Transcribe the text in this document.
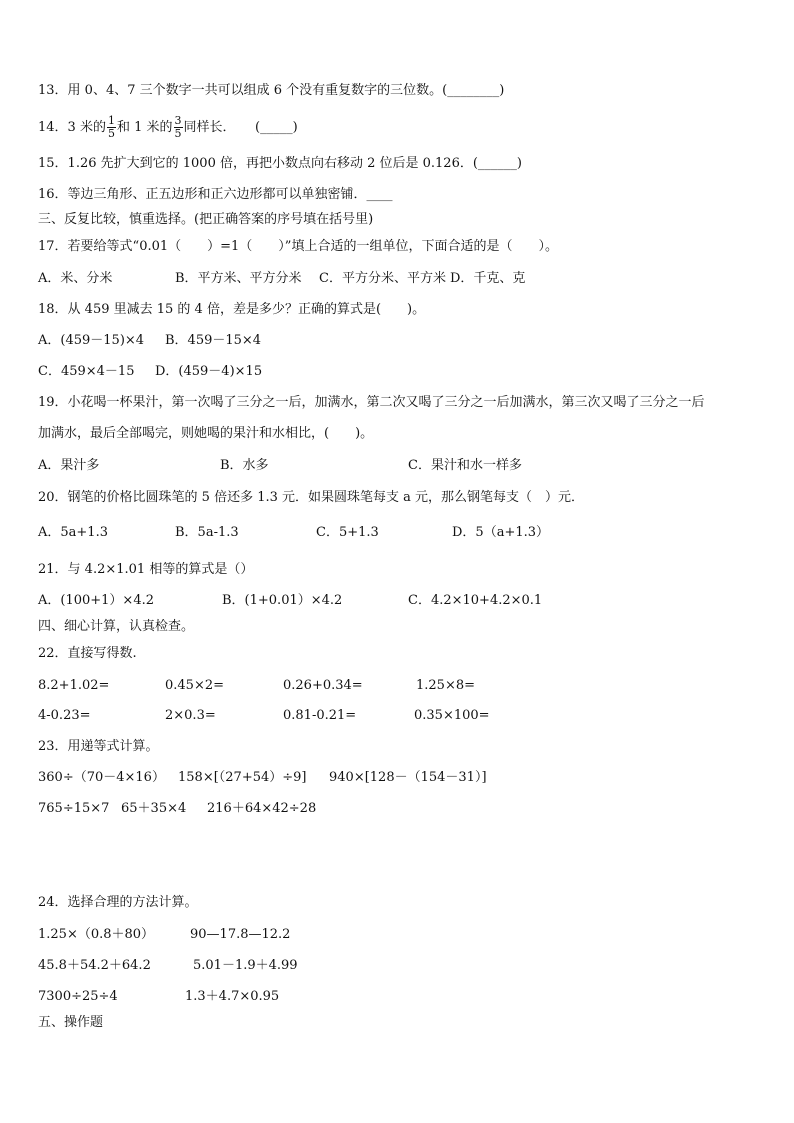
13．用 0、4、7 三个数字一共可以组成 6 个没有重复数字的三位数。(________)
14．3 米的 $\frac{1}{5}$ 和 1 米的 $\frac{3}{5}$ 同样长．　　(_____)
15．1.26 先扩大到它的 1000 倍，再把小数点向右移动 2 位后是 0.126．(______)
16．等边三角形、正五边形和正六边形都可以单独密铺．____
三、反复比较，慎重选择。(把正确答案的序号填在括号里)
17．若要给等式“0.01（　　）=1（　　）”填上合适的一组单位，下面合适的是（　　）。
A．米、分米	B．平方米、平方分米 C．平方分米、平方米 D．千克、克
18．从 459 里减去 15 的 4 倍，差是多少？正确的算式是(　　)。
A．(459－15)×4 B．459－15×4
C．459×4－15 D．(459－4)×15
19．小花喝一杯果汁，第一次喝了三分之一后，加满水，第二次又喝了三分之一后加满水，第三次又喝了三分之一后
加满水，最后全部喝完，则她喝的果汁和水相比，(　　)。
A．果汁多	B．水多	C．果汁和水一样多
20．钢笔的价格比圆珠笔的 5 倍还多 1.3 元．如果圆珠笔每支 a 元，那么钢笔每支（　）元．
A．5a+1.3	B．5a-1.3	C．5+1.3	D．5（a+1.3）
21．与 4.2×1.01 相等的算式是（）
A．(100+1）×4.2	B．(1+0.01）×4.2	C．4.2×10+4.2×0.1
四、细心计算，认真检查。
22．直接写得数.
8.2+1.02=	0.45×2=	0.26+0.34=	1.25×8=
4-0.23=	2×0.3=	0.81-0.21=	0.35×100=
23．用递等式计算。
360÷（70－4×16） 158×[（27+54）÷9] 940×[128－（154－31）]
765÷15×7 65＋35×4 216＋64×42÷28
24．选择合理的方法计算。
1.25×（0.8＋80）	90—17.8—12.2
45.8＋54.2＋64.2	5.01－1.9＋4.99
7300÷25÷4	1.3＋4.7×0.95
五、操作题
